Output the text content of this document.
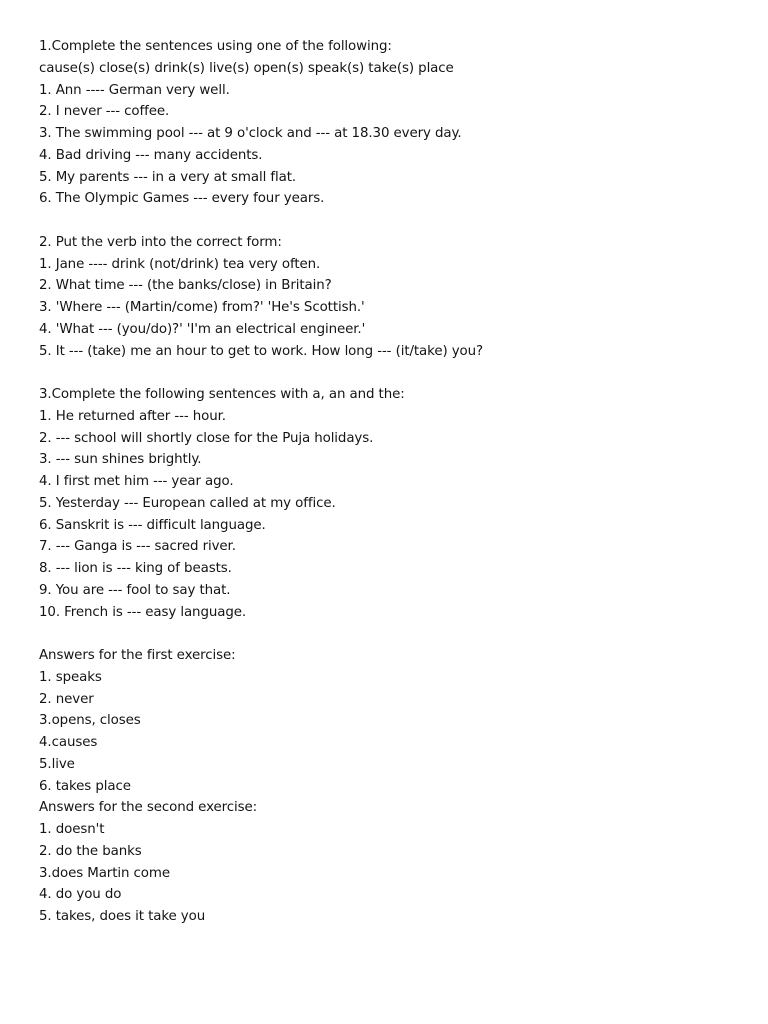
1.Complete the sentences using one of the following:
cause(s) close(s) drink(s) live(s) open(s) speak(s) take(s) place
1. Ann ---- German very well.
2. I never --- coffee.
3. The swimming pool --- at 9 o'clock and --- at 18.30 every day.
4. Bad driving --- many accidents.
5. My parents --- in a very at small flat.
6. The Olympic Games --- every four years.
2. Put the verb into the correct form:
1. Jane ---- drink (not/drink) tea very often.
2. What time --- (the banks/close) in Britain?
3. 'Where --- (Martin/come) from?' 'He's Scottish.'
4. 'What --- (you/do)?' 'I'm an electrical engineer.'
5. It --- (take) me an hour to get to work. How long --- (it/take) you?
3.Complete the following sentences with a, an and the:
1. He returned after --- hour.
2. --- school will shortly close for the Puja holidays.
3. --- sun shines brightly.
4. I first met him --- year ago.
5. Yesterday --- European called at my office.
6. Sanskrit is --- difficult language.
7. --- Ganga is --- sacred river.
8. --- lion is --- king of beasts.
9. You are --- fool to say that.
10. French is --- easy language.
Answers for the first exercise:
1. speaks
2. never
3.opens, closes
4.causes
5.live
6. takes place
Answers for the second exercise:
1. doesn't
2. do the banks
3.does Martin come
4. do you do
5. takes, does it take you
